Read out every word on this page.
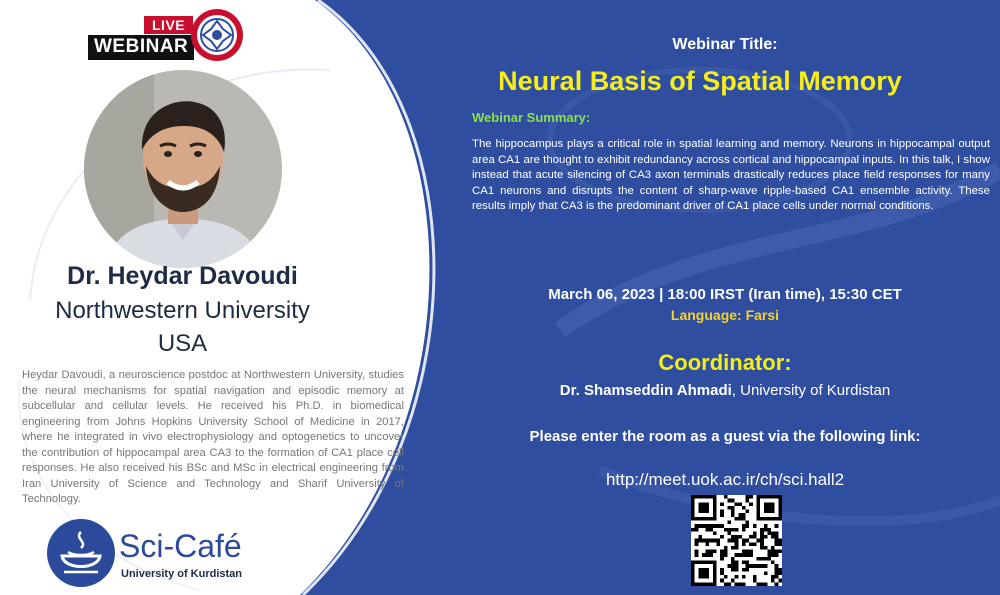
LIVE
WEBINAR
Dr. Heydar Davoudi
Northwestern University
USA
Heydar Davoudi, a neuroscience postdoc at Northwestern University, studies the neural mechanisms for spatial navigation and episodic memory at subcellular and cellular levels. He received his Ph.D. in biomedical engineering from Johns Hopkins University School of Medicine in 2017, where he integrated in vivo electrophysiology and optogenetics to uncover the contribution of hippocampal area CA3 to the formation of CA1 place cell responses. He also received his BSc and MSc in electrical engineering from Iran University of Science and Technology and Sharif University of Technology.
Sci-Café
University of Kurdistan
Webinar Title:
Neural Basis of Spatial Memory
Webinar Summary:
The hippocampus plays a critical role in spatial learning and memory. Neurons in hippocampal output area CA1 are thought to exhibit redundancy across cortical and hippocampal inputs. In this talk, I show instead that acute silencing of CA3 axon terminals drastically reduces place field responses for many CA1 neurons and disrupts the content of sharp-wave ripple-based CA1 ensemble activity. These results imply that CA3 is the predominant driver of CA1 place cells under normal conditions.
March 06, 2023 | 18:00 IRST (Iran time), 15:30 CET
Language: Farsi
Coordinator:
Dr. Shamseddin Ahmadi, University of Kurdistan
Please enter the room as a guest via the following link:
http://meet.uok.ac.ir/ch/sci.hall2
